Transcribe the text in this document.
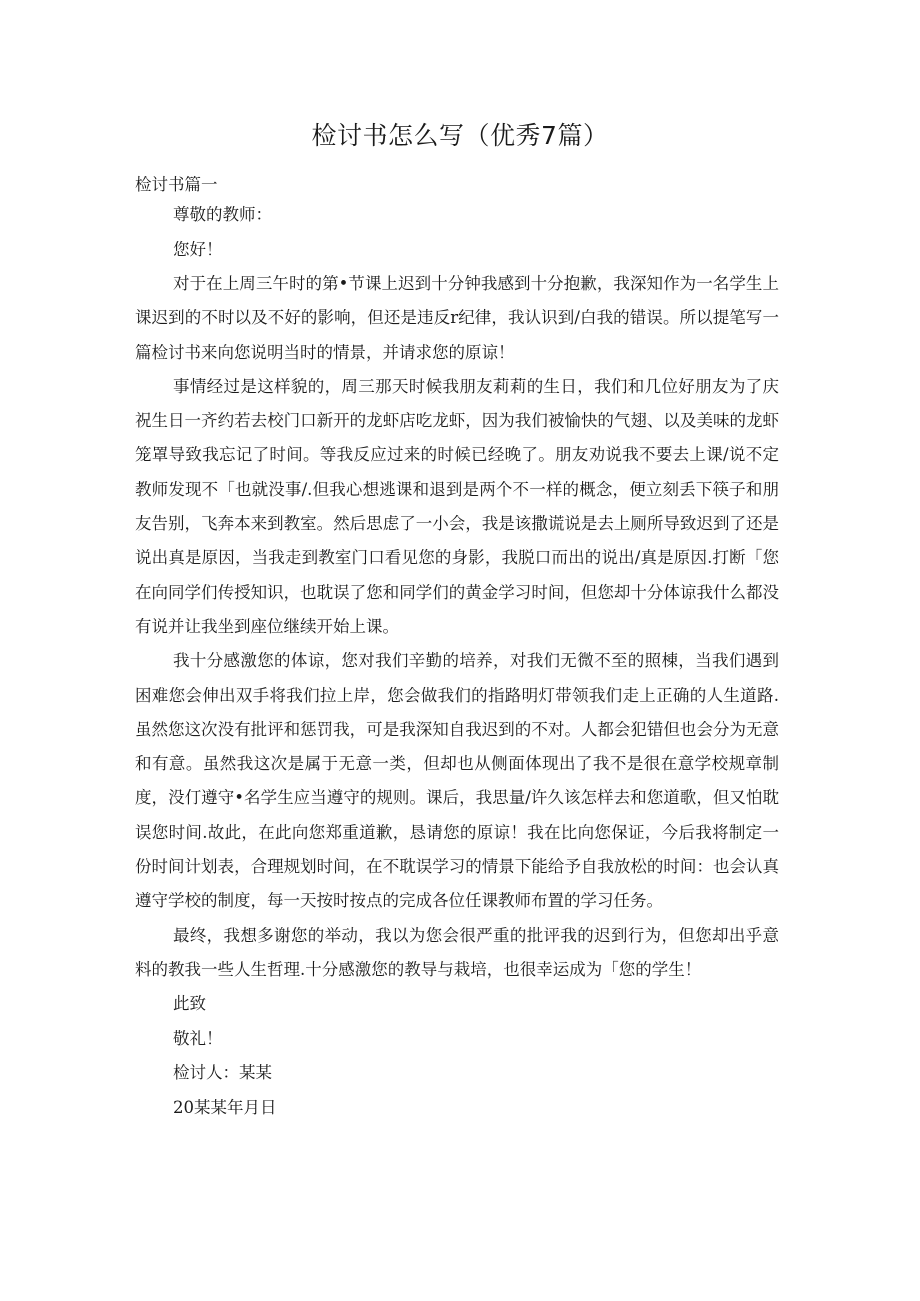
检讨书怎么写（优秀7篇）

检讨书篇一

尊敬的教师：

您好！

对于在上周三午时的第•节课上迟到十分钟我感到十分抱歉，我深知作为一名学生上课迟到的不时以及不好的影响，但还是违反r纪律，我认识到/白我的错误。所以提笔写一篇检讨书来向您说明当时的情景，并请求您的原谅！

事情经过是这样貌的，周三那天时候我朋友莉莉的生日，我们和几位好朋友为了庆祝生日一齐约若去校门口新开的龙虾店吃龙虾，因为我们被愉快的气翅、以及美味的龙虾笼罩导致我忘记了时间。等我反应过来的时候已经晚了。朋友劝说我不要去上课/说不定教师发现不「也就没事/.但我心想逃课和退到是两个不一样的概念，便立刻丢下筷子和朋友告别，飞奔本来到教室。然后思虑了一小会，我是该撒谎说是去上厕所导致迟到了还是说出真是原因，当我走到教室门口看见您的身影，我脱口而出的说出/真是原因.打断「您在向同学们传授知识，也耽误了您和同学们的黄金学习时间，但您却十分体谅我什么都没有说并让我坐到座位继续开始上课。

我十分感激您的体谅，您对我们辛勤的培养，对我们无微不至的照棟，当我们遇到困难您会伸出双手将我们拉上岸，您会做我们的指路明灯带领我们走上正确的人生道路.虽然您这次没有批评和惩罚我，可是我深知自我迟到的不对。人都会犯错但也会分为无意和有意。虽然我这次是属于无意一类，但却也从侧面体现出了我不是很在意学校规章制度，没仃遵守•名学生应当遵守的规则。课后，我思量/许久该怎样去和您道歌，但又怕耽误您时间.故此，在此向您郑重道歉，恳请您的原谅！我在比向您保证，今后我将制定一份时间计划表，合理规划时间，在不耽误学习的情景下能给予自我放松的时间：也会认真遵守学校的制度，每一天按时按点的完成各位任课教师布置的学习任务。

最终，我想多谢您的举动，我以为您会很严重的批评我的迟到行为，但您却出乎意料的教我一些人生哲理.十分感激您的教导与栽培，也很幸运成为「您的学生！

此致

敬礼！

检讨人：某某

20某某年月日
